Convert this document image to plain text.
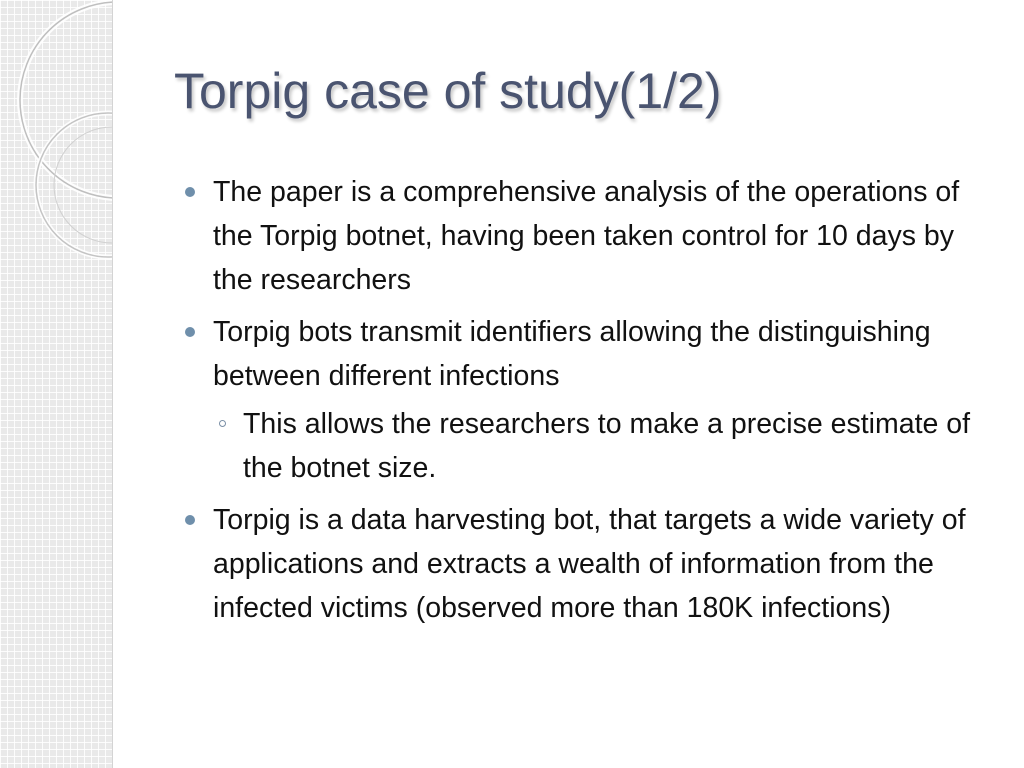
Torpig case of study(1/2)
The paper is a comprehensive analysis of the operations of the Torpig botnet, having been taken control for 10 days by the researchers
Torpig bots transmit identifiers allowing the distinguishing between different infections
This allows the researchers to make a precise estimate of the botnet size.
Torpig is a data harvesting bot, that targets a wide variety of applications and extracts a wealth of information from the infected victims (observed more than 180K infections)
